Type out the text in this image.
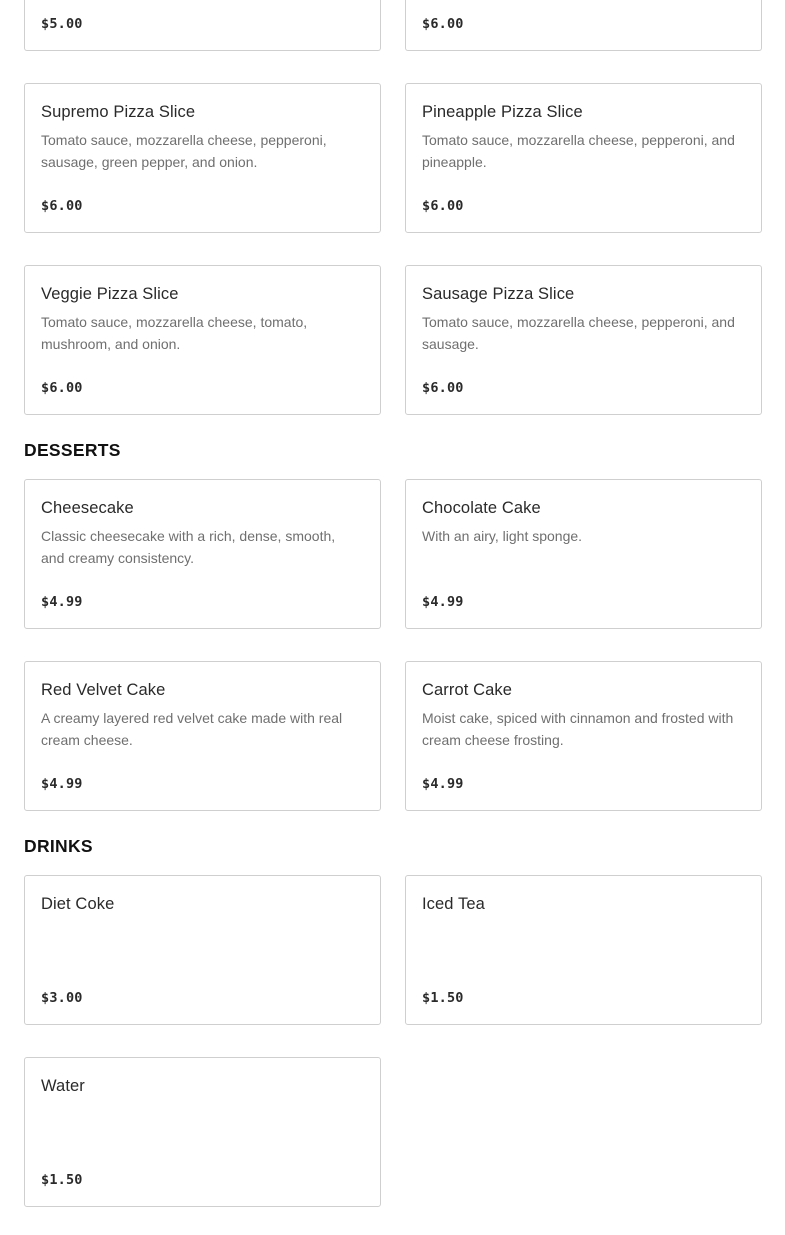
$5.00	$6.00
Supremo Pizza Slice
Tomato sauce, mozzarella cheese, pepperoni, sausage, green pepper, and onion.
$6.00
Pineapple Pizza Slice
Tomato sauce, mozzarella cheese, pepperoni, and pineapple.
$6.00
Veggie Pizza Slice
Tomato sauce, mozzarella cheese, tomato, mushroom, and onion.
$6.00
Sausage Pizza Slice
Tomato sauce, mozzarella cheese, pepperoni, and sausage.
$6.00
DESSERTS
Cheesecake
Classic cheesecake with a rich, dense, smooth, and creamy consistency.
$4.99
Chocolate Cake
With an airy, light sponge.
$4.99
Red Velvet Cake
A creamy layered red velvet cake made with real cream cheese.
$4.99
Carrot Cake
Moist cake, spiced with cinnamon and frosted with cream cheese frosting.
$4.99
DRINKS
Diet Coke
$3.00
Iced Tea
$1.50
Water
$1.50
